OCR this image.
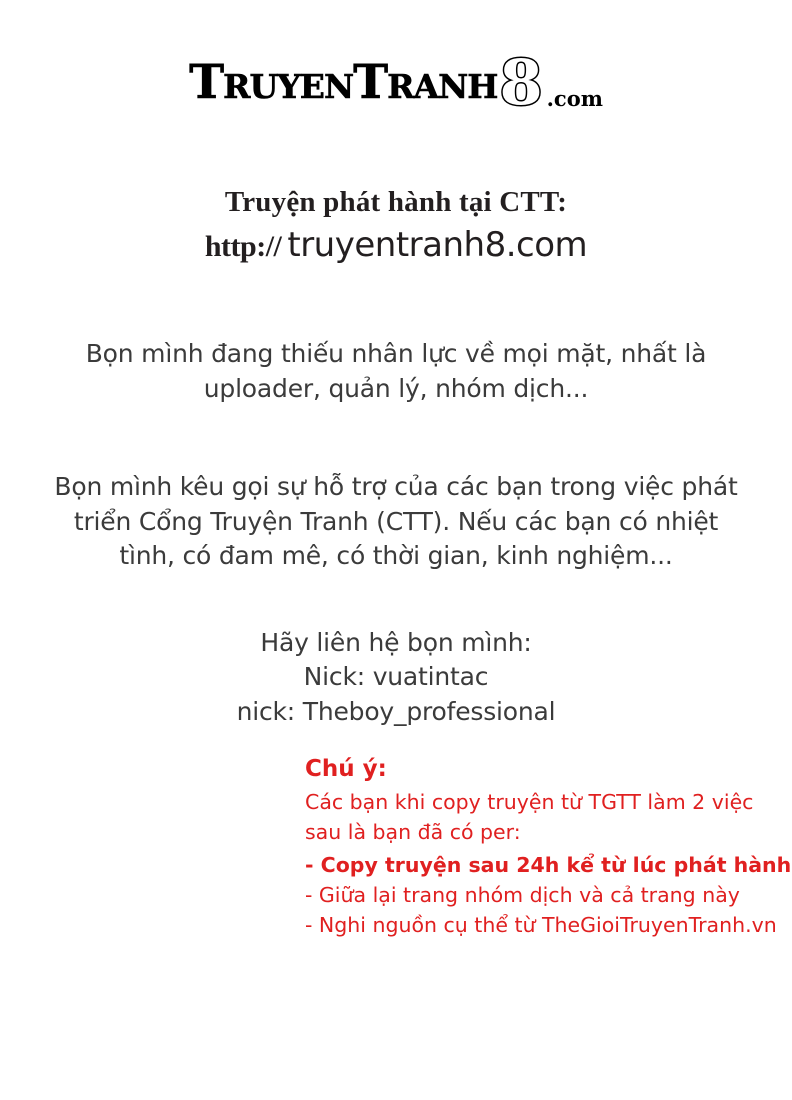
TruyenTranh8 .com
Truyện phát hành tại CTT:
http:// truyentranh8.com
Bọn mình đang thiếu nhân lực về mọi mặt, nhất là uploader, quản lý, nhóm dịch...
Bọn mình kêu gọi sự hỗ trợ của các bạn trong việc phát triển Cổng Truyện Tranh (CTT). Nếu các bạn có nhiệt tình, có đam mê, có thời gian, kinh nghiệm...
Hãy liên hệ bọn mình:
Nick: vuatintac
nick: Theboy_professional
Chú ý:
Các bạn khi copy truyện từ TGTT làm 2 việc
sau là bạn đã có per:
- Copy truyện sau 24h kể từ lúc phát hành
- Giữa lại trang nhóm dịch và cả trang này
- Nghi nguồn cụ thể từ TheGioiTruyenTranh.vn
